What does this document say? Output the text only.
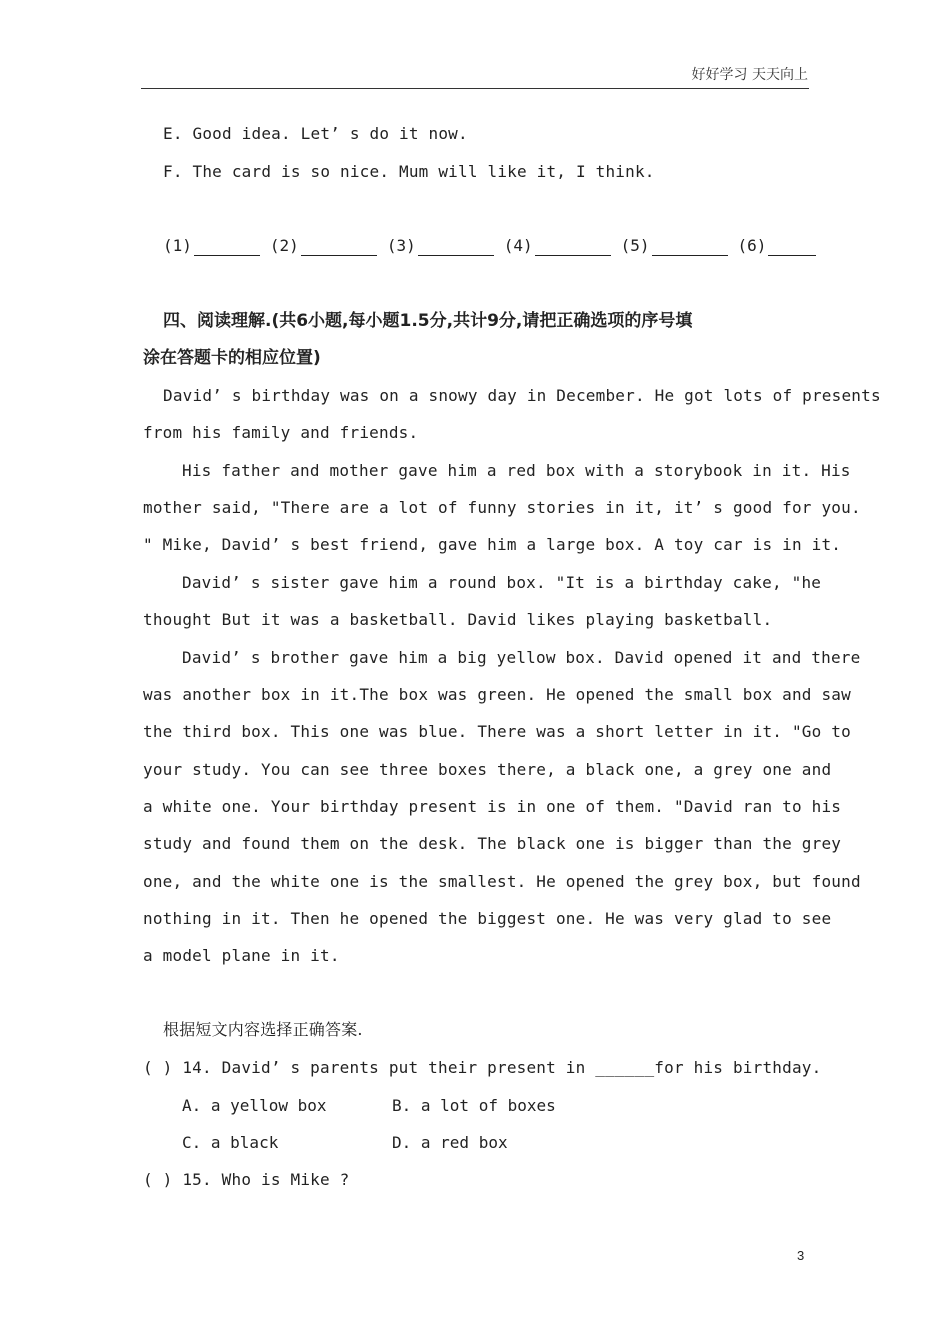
好好学习 天天向上
E. Good idea. Let’ s do it now.
F. The card is so nice. Mum will like it, I think.
(1)	(2)	(3)	(4)	(5)	(6)
四、阅读理解.(共6小题,每小题1.5分,共计9分,请把正确选项的序号填
涂在答题卡的相应位置)
David’ s birthday was on a snowy day in December. He got lots of presents
from his family and friends.
His father and mother gave him a red box with a storybook in it. His
mother said, "There are a lot of funny stories in it, it’ s good for you.
" Mike, David’ s best friend, gave him a large box. A toy car is in it.
David’ s sister gave him a round box. "It is a birthday cake, "he
thought But it was a basketball. David likes playing basketball.
David’ s brother gave him a big yellow box. David opened it and there
was another box in it.The box was green. He opened the small box and saw
the third box. This one was blue. There was a short letter in it. "Go to
your study. You can see three boxes there, a black one, a grey one and
a white one. Your birthday present is in one of them. "David ran to his
study and found them on the desk. The black one is bigger than the grey
one, and the white one is the smallest. He opened the grey box, but found
nothing in it. Then he opened the biggest one. He was very glad to see
a model plane in it.
根据短文内容选择正确答案.
( ) 14. David’ s parents put their present in ______for his birthday.
A. a yellow box	B. a lot of boxes
C. a black	D. a red box
( ) 15. Who is Mike ?
3
